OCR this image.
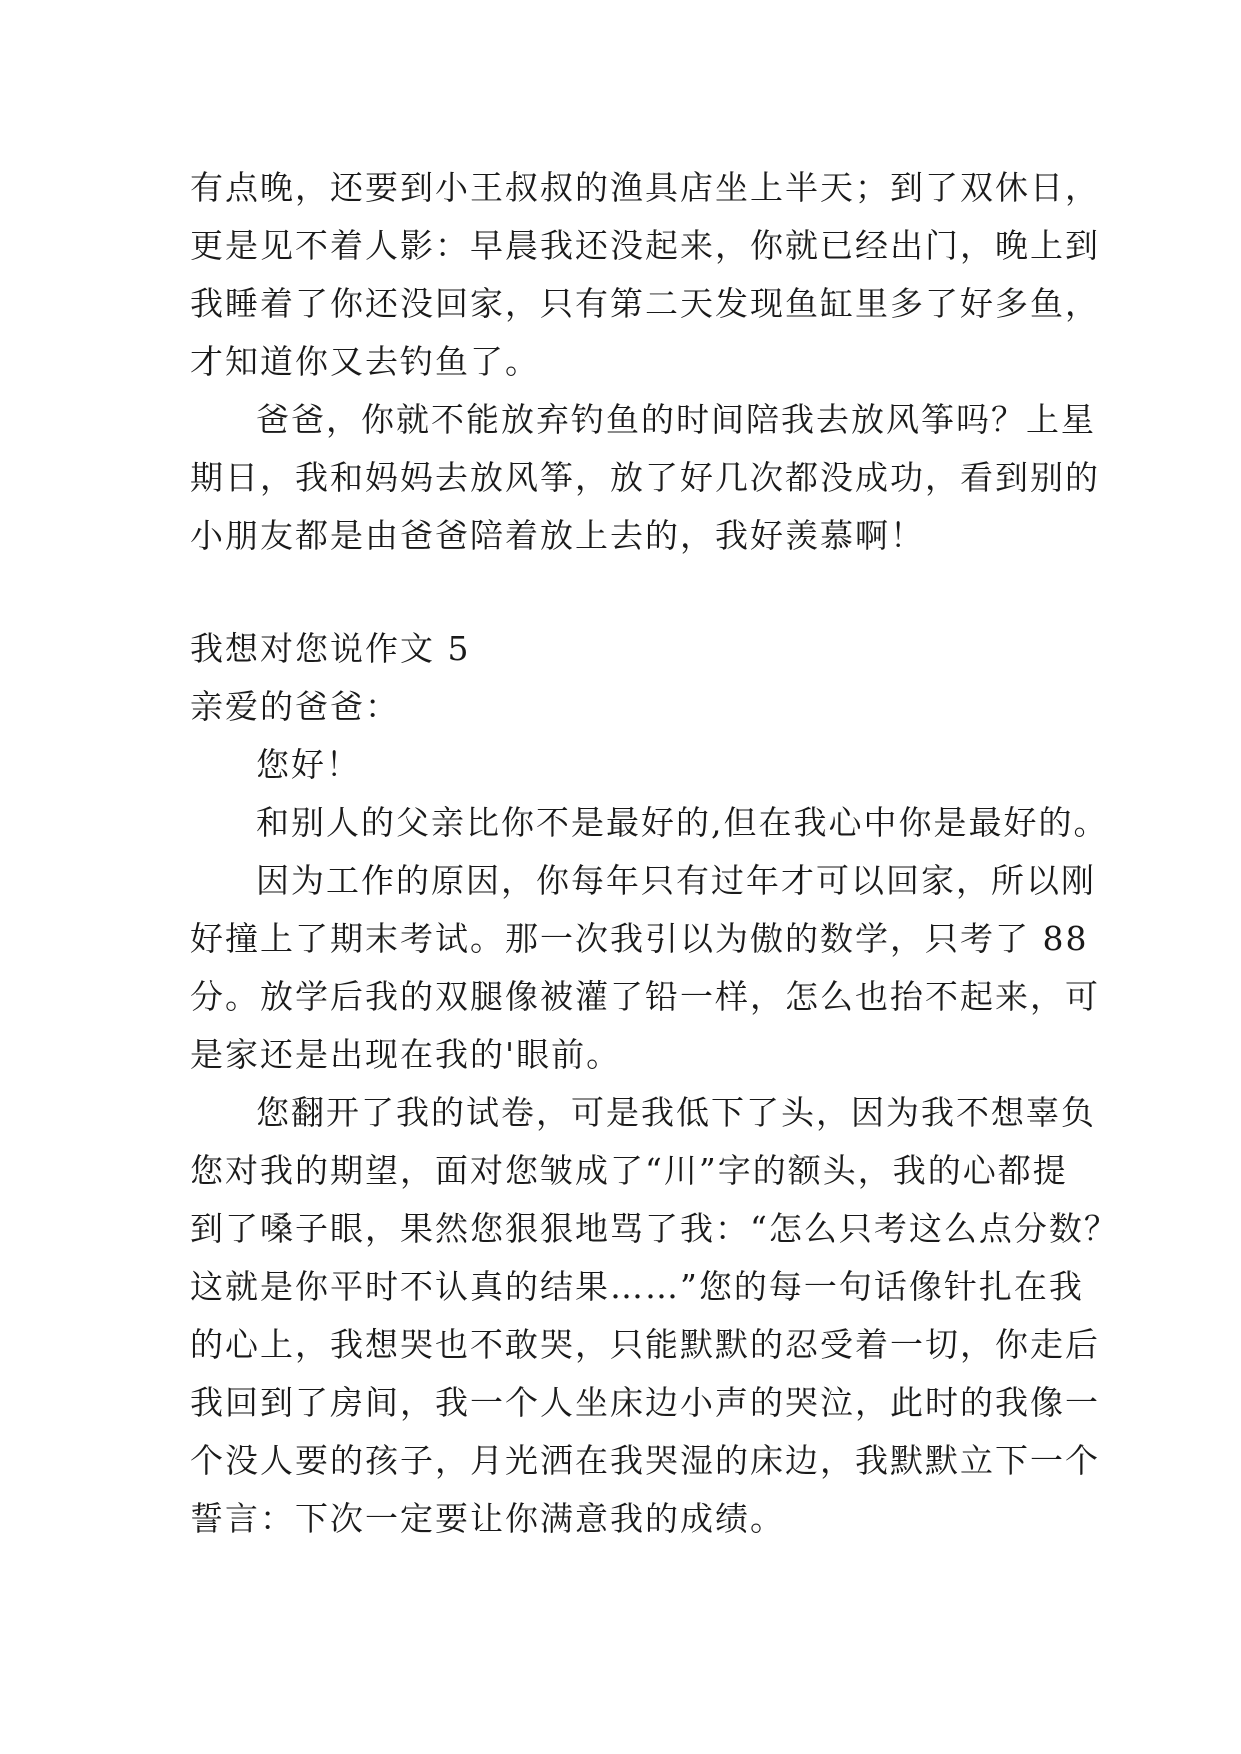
有点晚，还要到小王叔叔的渔具店坐上半天；到了双休日，
更是见不着人影：早晨我还没起来，你就已经出门，晚上到
我睡着了你还没回家，只有第二天发现鱼缸里多了好多鱼，
才知道你又去钓鱼了。
爸爸，你就不能放弃钓鱼的时间陪我去放风筝吗？上星
期日，我和妈妈去放风筝，放了好几次都没成功，看到别的
小朋友都是由爸爸陪着放上去的，我好羡慕啊！
我想对您说作文 5
亲爱的爸爸：
您好！
和别人的父亲比你不是最好的,但在我心中你是最好的。
因为工作的原因，你每年只有过年才可以回家，所以刚
好撞上了期末考试。那一次我引以为傲的数学，只考了 88
分。放学后我的双腿像被灌了铅一样，怎么也抬不起来，可
是家还是出现在我的'眼前。
您翻开了我的试卷，可是我低下了头，因为我不想辜负
您对我的期望，面对您皱成了“川”字的额头，我的心都提
到了嗓子眼，果然您狠狠地骂了我：“怎么只考这么点分数？
这就是你平时不认真的结果……”您的每一句话像针扎在我
的心上，我想哭也不敢哭，只能默默的忍受着一切，你走后
我回到了房间，我一个人坐床边小声的哭泣，此时的我像一
个没人要的孩子，月光洒在我哭湿的床边，我默默立下一个
誓言：下次一定要让你满意我的成绩。
